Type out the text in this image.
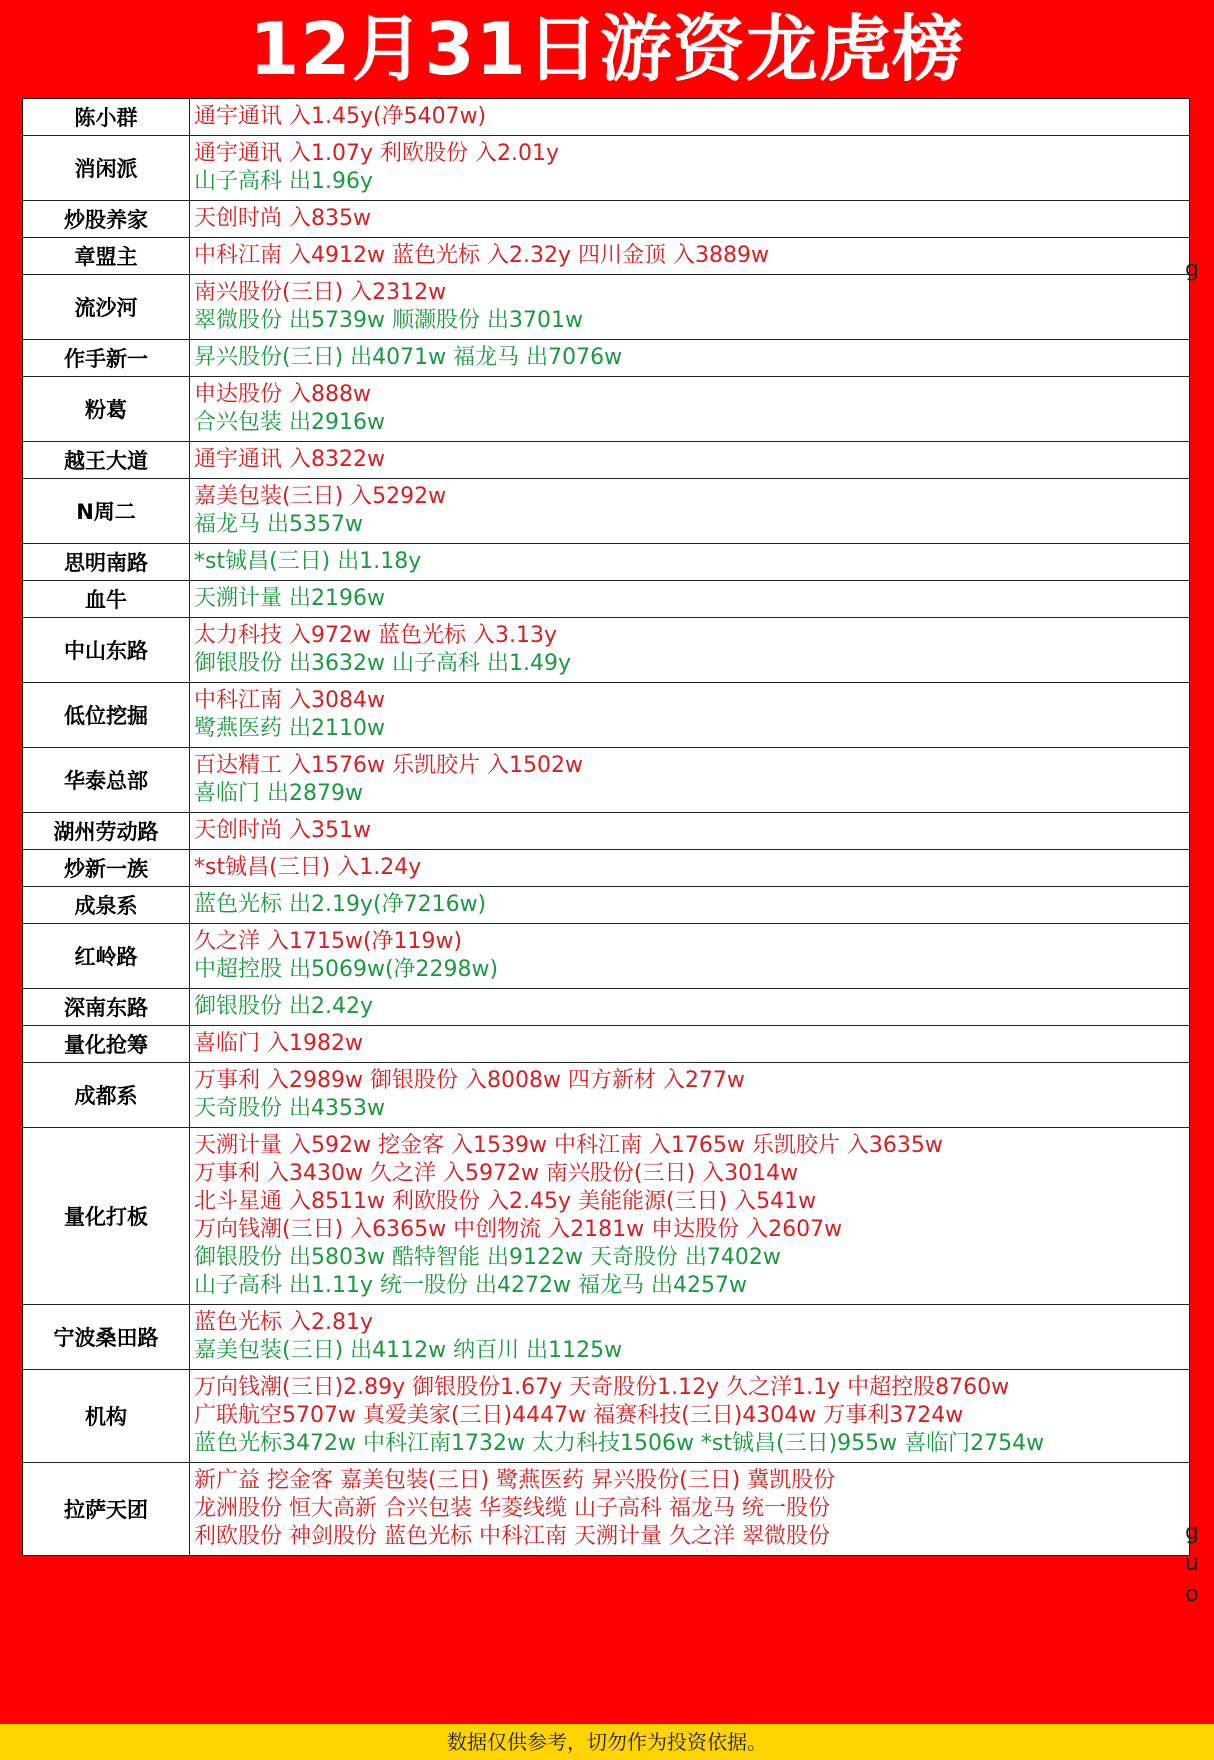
12月31日游资龙虎榜
陈小群	通宇通讯 入1.45y(净5407w)
消闲派
通宇通讯 入1.07y 利欧股份 入2.01y
山子高科 出1.96y
炒股养家	天创时尚 入835w
章盟主	中科江南 入4912w 蓝色光标 入2.32y 四川金顶 入3889w
流沙河
南兴股份(三日) 入2312w
翠微股份 出5739w 顺灏股份 出3701w
作手新一	昇兴股份(三日) 出4071w 福龙马 出7076w
粉葛
申达股份 入888w
合兴包装 出2916w
越王大道	通宇通讯 入8322w
N周二
嘉美包装(三日) 入5292w
福龙马 出5357w
思明南路	*st铖昌(三日) 出1.18y
血牛	天溯计量 出2196w
中山东路
太力科技 入972w 蓝色光标 入3.13y
御银股份 出3632w 山子高科 出1.49y
低位挖掘
中科江南 入3084w
鹭燕医药 出2110w
华泰总部
百达精工 入1576w 乐凯胶片 入1502w
喜临门 出2879w
湖州劳动路	天创时尚 入351w
炒新一族	*st铖昌(三日) 入1.24y
成泉系	蓝色光标 出2.19y(净7216w)
红岭路
久之洋 入1715w(净119w)
中超控股 出5069w(净2298w)
深南东路	御银股份 出2.42y
量化抢筹	喜临门 入1982w
成都系
万事利 入2989w 御银股份 入8008w 四方新材 入277w
天奇股份 出4353w
量化打板
天溯计量 入592w 挖金客 入1539w 中科江南 入1765w 乐凯胶片 入3635w
万事利 入3430w 久之洋 入5972w 南兴股份(三日) 入3014w
北斗星通 入8511w 利欧股份 入2.45y 美能能源(三日) 入541w
万向钱潮(三日) 入6365w 中创物流 入2181w 申达股份 入2607w
御银股份 出5803w 酷特智能 出9122w 天奇股份 出7402w
山子高科 出1.11y 统一股份 出4272w 福龙马 出4257w
宁波桑田路
蓝色光标 入2.81y
嘉美包装(三日) 出4112w 纳百川 出1125w
机构
万向钱潮(三日)2.89y 御银股份1.67y 天奇股份1.12y 久之洋1.1y 中超控股8760w
广联航空5707w 真爱美家(三日)4447w 福赛科技(三日)4304w 万事利3724w
蓝色光标3472w 中科江南1732w 太力科技1506w *st铖昌(三日)955w 喜临门2754w
拉萨天团
新广益 挖金客 嘉美包装(三日) 鹭燕医药 昇兴股份(三日) 冀凯股份
龙洲股份 恒大高新 合兴包装 华菱线缆 山子高科 福龙马 统一股份
利欧股份 神剑股份 蓝色光标 中科江南 天溯计量 久之洋 翠微股份
g
g
u
o
数据仅供参考，切勿作为投资依据。
